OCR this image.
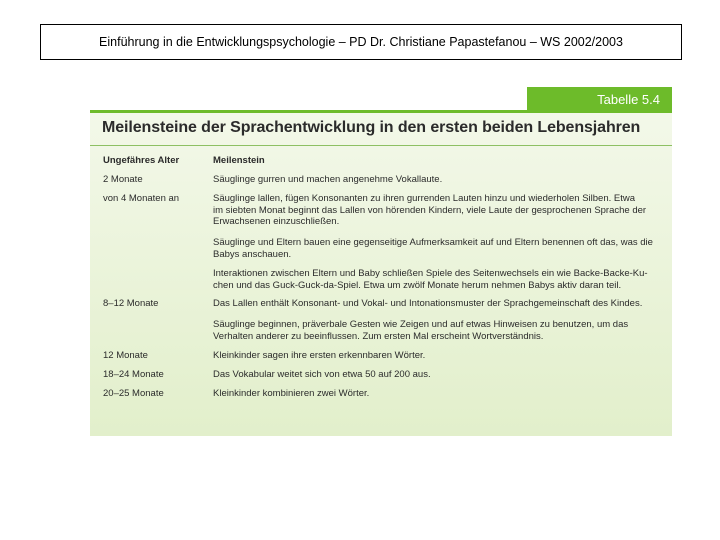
Einführung in die Entwicklungspsychologie – PD Dr. Christiane Papastefanou – WS 2002/2003
Tabelle 5.4
Meilensteine der Sprachentwicklung in den ersten beiden Lebensjahren
Ungefähres Alter	Meilenstein
2 Monate	Säuglinge gurren und machen angenehme Vokallaute.
von 4 Monaten an	Säuglinge lallen, fügen Konsonanten zu ihren gurrenden Lauten hinzu und wiederholen Silben. Etwa
im siebten Monat beginnt das Lallen von hörenden Kindern, viele Laute der gesprochenen Sprache der
Erwachsenen einzuschließen.
Säuglinge und Eltern bauen eine gegenseitige Aufmerksamkeit auf und Eltern benennen oft das, was die
Babys anschauen.
Interaktionen zwischen Eltern und Baby schließen Spiele des Seitenwechsels ein wie Backe-Backe-Ku-
chen und das Guck-Guck-da-Spiel. Etwa um zwölf Monate herum nehmen Babys aktiv daran teil.
8–12 Monate	Das Lallen enthält Konsonant- und Vokal- und Intonationsmuster der Sprachgemeinschaft des Kindes.
Säuglinge beginnen, präverbale Gesten wie Zeigen und auf etwas Hinweisen zu benutzen, um das
Verhalten anderer zu beeinflussen. Zum ersten Mal erscheint Wortverständnis.
12 Monate	Kleinkinder sagen ihre ersten erkennbaren Wörter.
18–24 Monate	Das Vokabular weitet sich von etwa 50 auf 200 aus.
20–25 Monate	Kleinkinder kombinieren zwei Wörter.
